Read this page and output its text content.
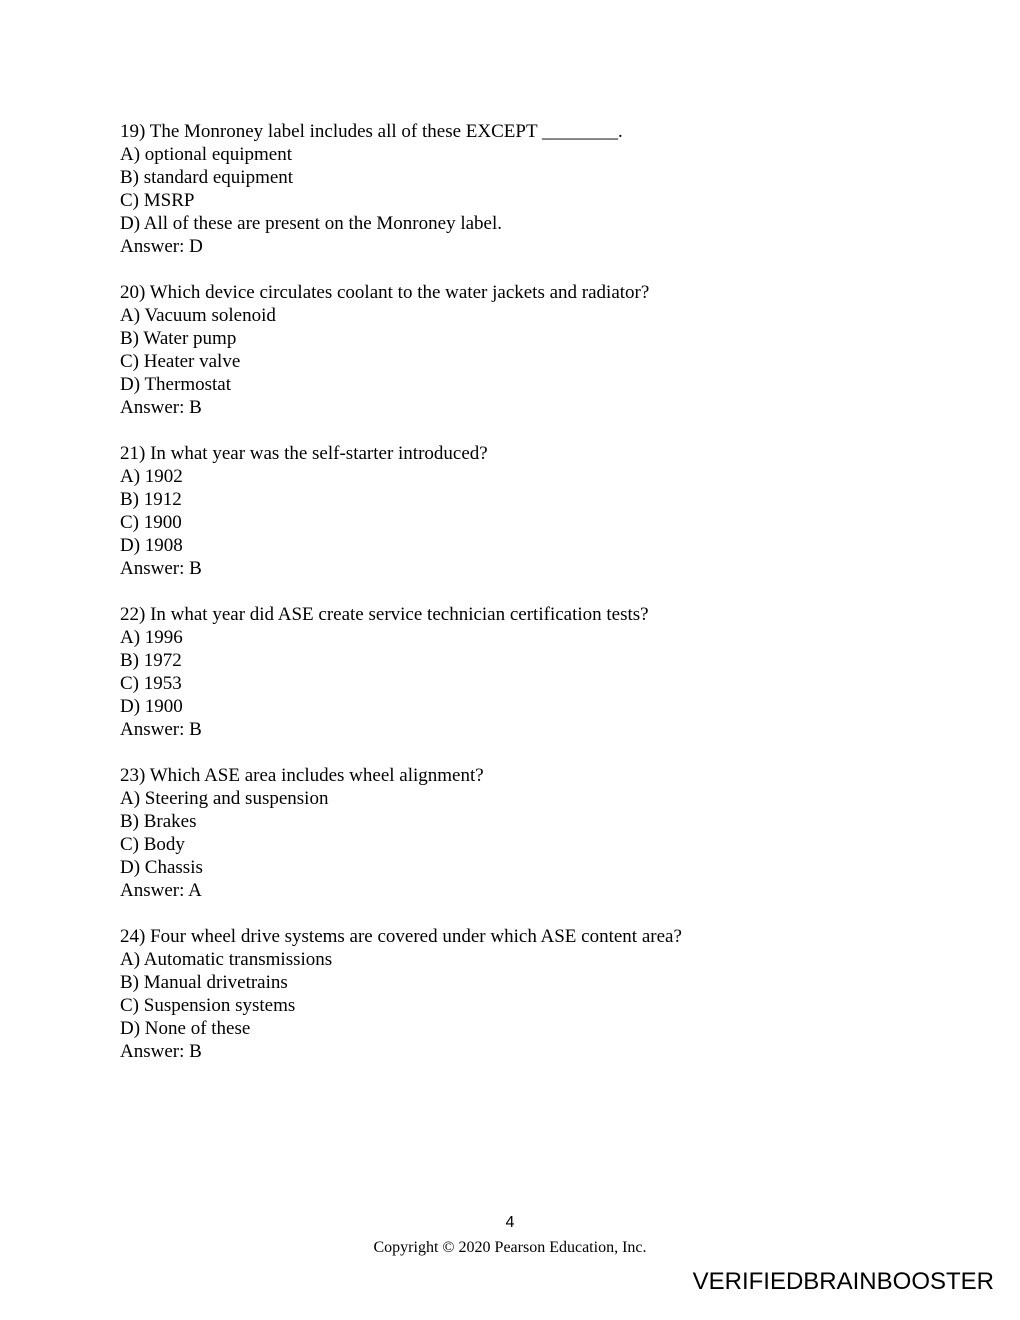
19) The Monroney label includes all of these EXCEPT ________.
A) optional equipment
B) standard equipment
C) MSRP
D) All of these are present on the Monroney label.
Answer: D
20) Which device circulates coolant to the water jackets and radiator?
A) Vacuum solenoid
B) Water pump
C) Heater valve
D) Thermostat
Answer: B
21) In what year was the self-starter introduced?
A) 1902
B) 1912
C) 1900
D) 1908
Answer: B
22) In what year did ASE create service technician certification tests?
A) 1996
B) 1972
C) 1953
D) 1900
Answer: B
23) Which ASE area includes wheel alignment?
A) Steering and suspension
B) Brakes
C) Body
D) Chassis
Answer: A
24) Four wheel drive systems are covered under which ASE content area?
A) Automatic transmissions
B) Manual drivetrains
C) Suspension systems
D) None of these
Answer: B
4
Copyright © 2020 Pearson Education, Inc.
VERIFIEDBRAINBOOSTER
